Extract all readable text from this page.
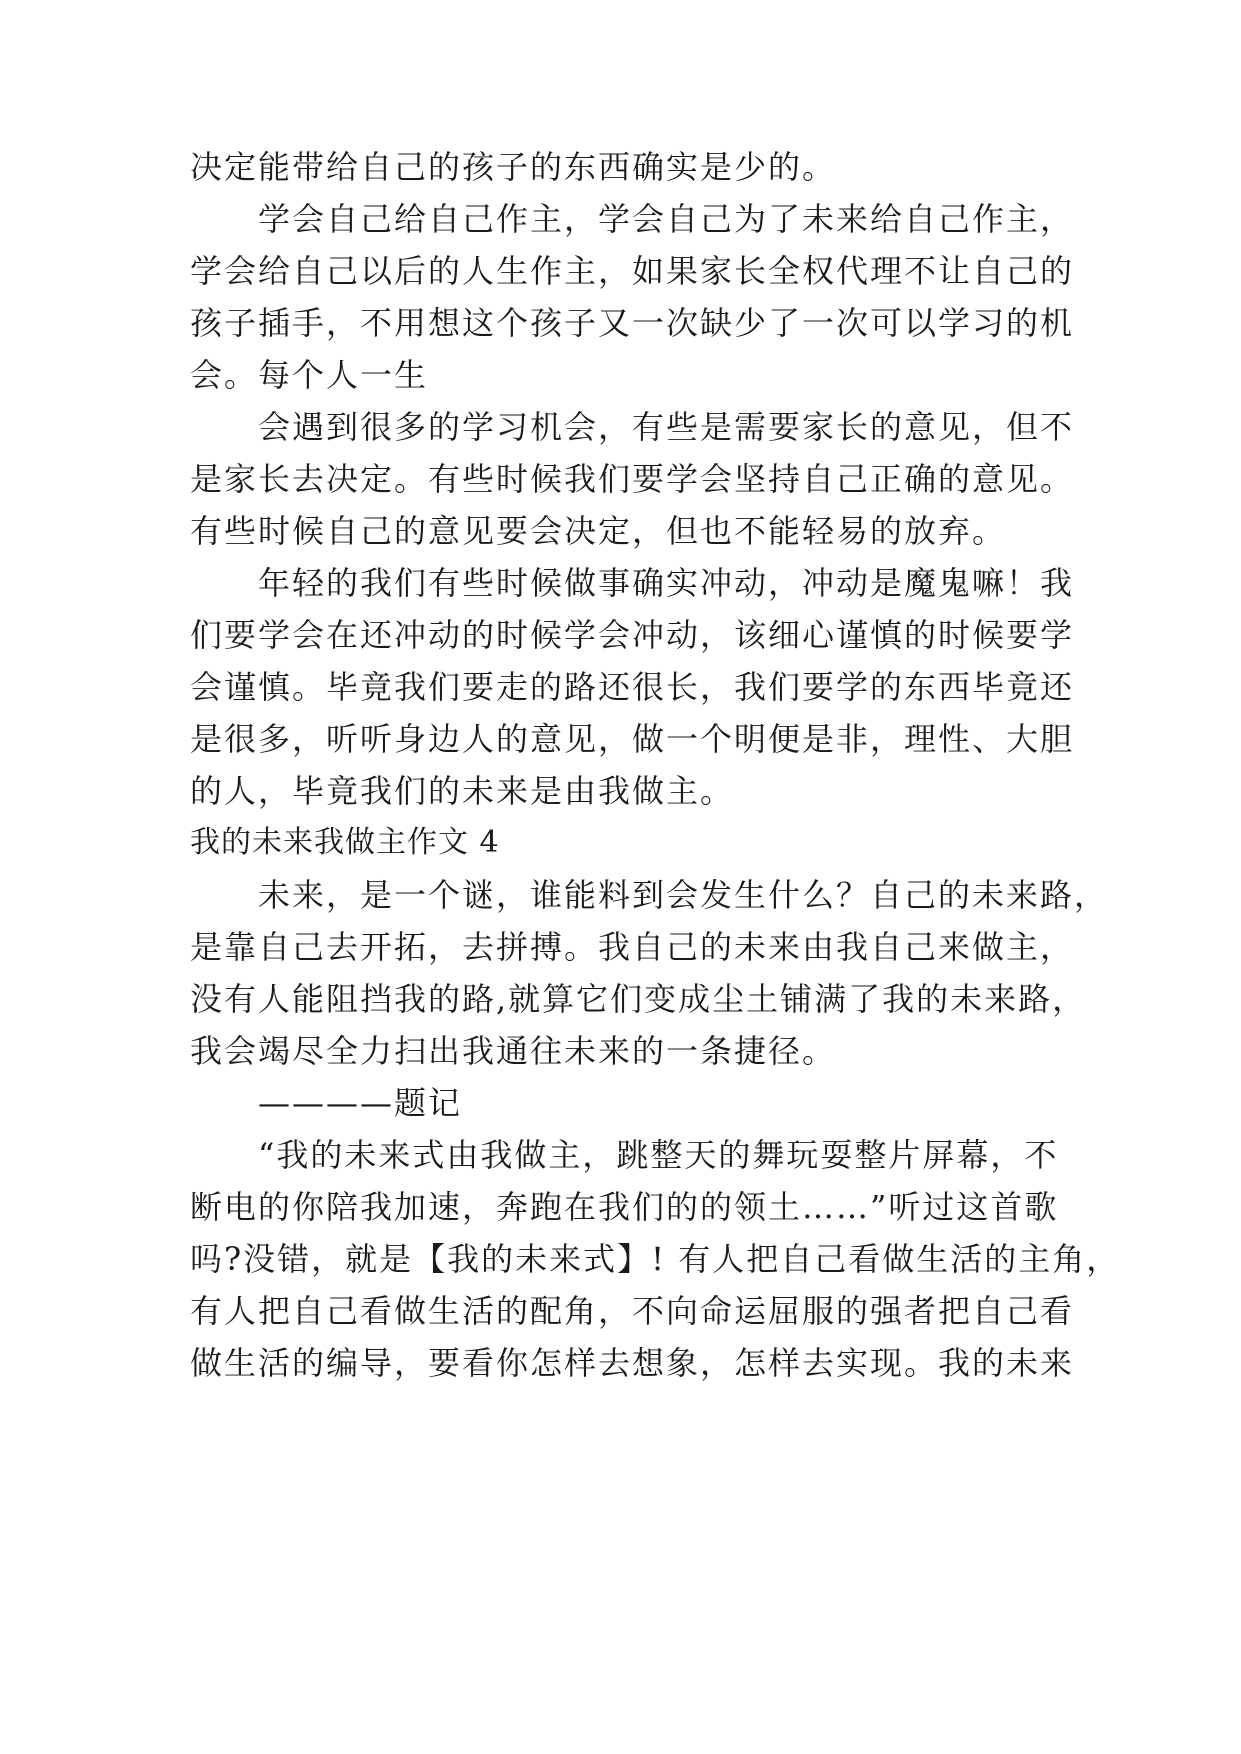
决定能带给自己的孩子的东西确实是少的。
学会自己给自己作主，学会自己为了未来给自己作主，
学会给自己以后的人生作主，如果家长全权代理不让自己的
孩子插手，不用想这个孩子又一次缺少了一次可以学习的机
会。每个人一生
会遇到很多的学习机会，有些是需要家长的意见，但不
是家长去决定。有些时候我们要学会坚持自己正确的意见。
有些时候自己的意见要会决定，但也不能轻易的放弃。
年轻的我们有些时候做事确实冲动，冲动是魔鬼嘛！我
们要学会在还冲动的时候学会冲动，该细心谨慎的时候要学
会谨慎。毕竟我们要走的路还很长，我们要学的东西毕竟还
是很多，听听身边人的意见，做一个明便是非，理性、大胆
的人，毕竟我们的未来是由我做主。
我的未来我做主作文 4
未来，是一个谜，谁能料到会发生什么？自己的未来路，
是靠自己去开拓，去拼搏。我自己的未来由我自己来做主，
没有人能阻挡我的路,就算它们变成尘土铺满了我的未来路，
我会竭尽全力扫出我通往未来的一条捷径。
————题记
“我的未来式由我做主，跳整天的舞玩耍整片屏幕，不
断电的你陪我加速，奔跑在我们的的领土……”听过这首歌
吗?没错，就是【我的未来式】! 有人把自己看做生活的主角，
有人把自己看做生活的配角，不向命运屈服的强者把自己看
做生活的编导，要看你怎样去想象，怎样去实现。我的未来
